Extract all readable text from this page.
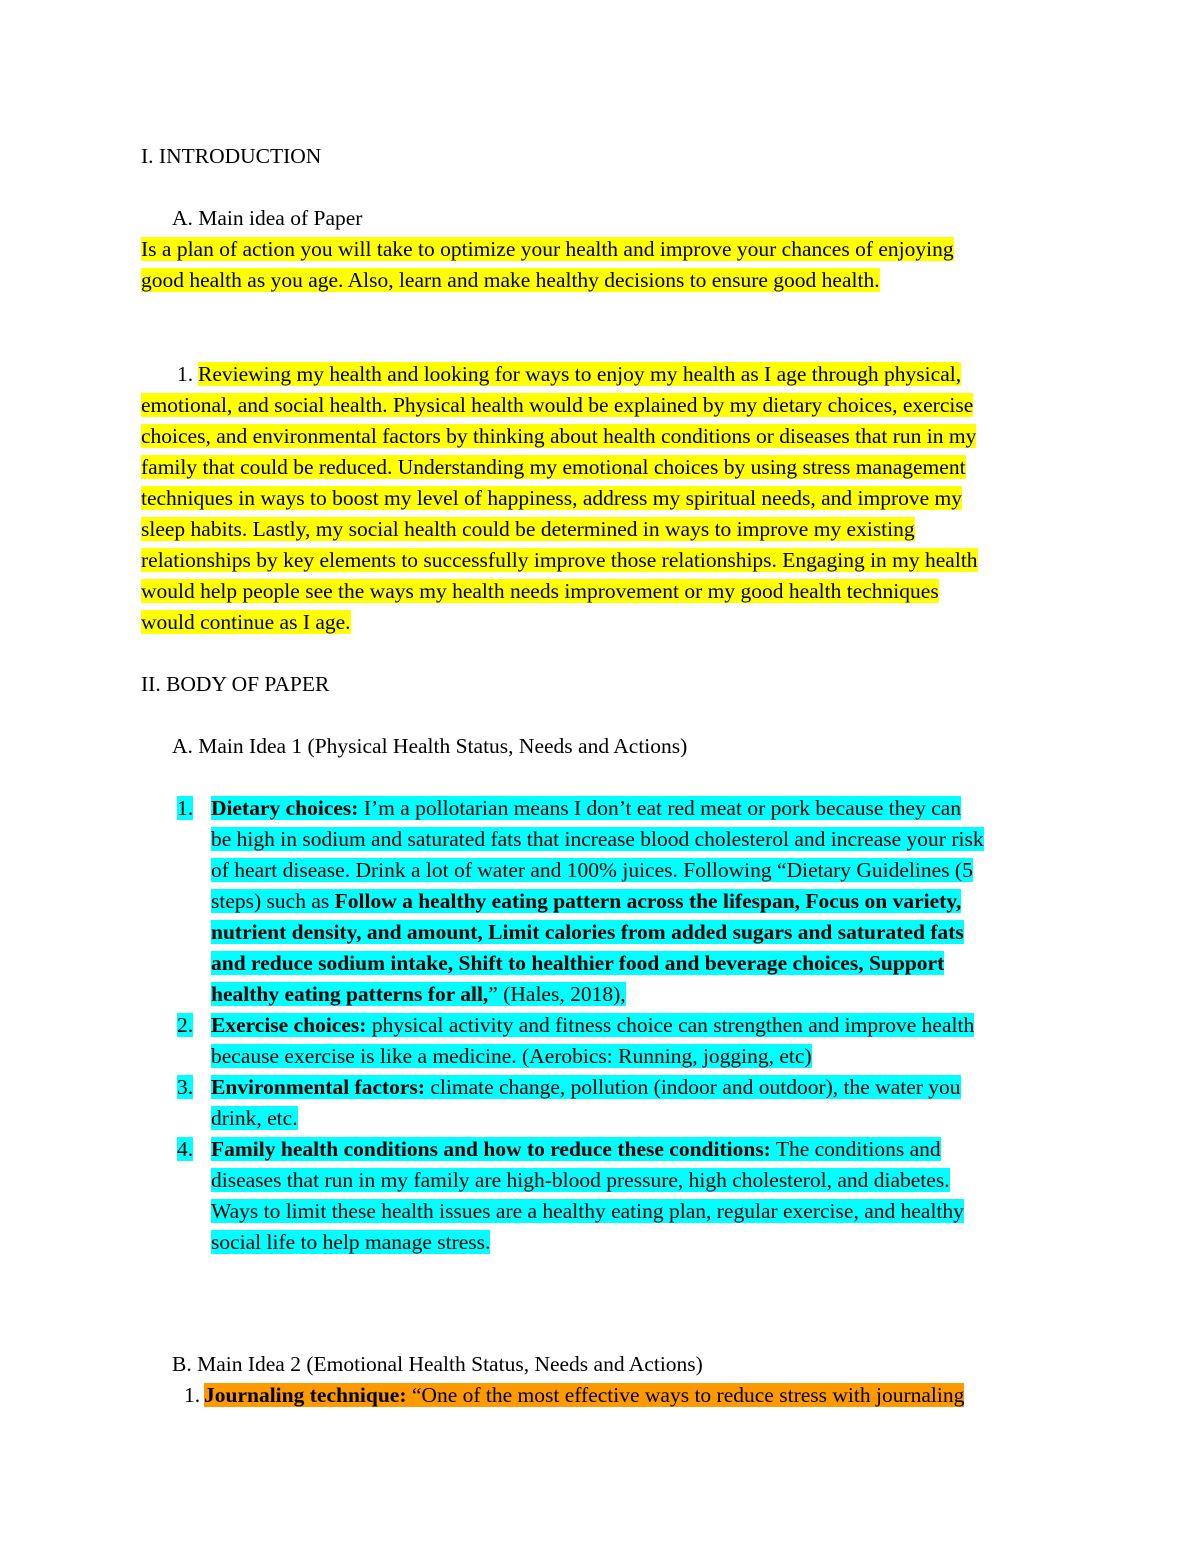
I. INTRODUCTION
A. Main idea of Paper
Is a plan of action you will take to optimize your health and improve your chances of enjoying
good health as you age. Also, learn and make healthy decisions to ensure good health.
1. Reviewing my health and looking for ways to enjoy my health as I age through physical,
emotional, and social health. Physical health would be explained by my dietary choices, exercise
choices, and environmental factors by thinking about health conditions or diseases that run in my
family that could be reduced. Understanding my emotional choices by using stress management
techniques in ways to boost my level of happiness, address my spiritual needs, and improve my
sleep habits. Lastly, my social health could be determined in ways to improve my existing
relationships by key elements to successfully improve those relationships. Engaging in my health
would help people see the ways my health needs improvement or my good health techniques
would continue as I age.
II. BODY OF PAPER
A. Main Idea 1 (Physical Health Status, Needs and Actions)
1. Dietary choices: I’m a pollotarian means I don’t eat red meat or pork because they can
be high in sodium and saturated fats that increase blood cholesterol and increase your risk
of heart disease. Drink a lot of water and 100% juices. Following “Dietary Guidelines (5
steps) such as Follow a healthy eating pattern across the lifespan, Focus on variety,
nutrient density, and amount, Limit calories from added sugars and saturated fats
and reduce sodium intake, Shift to healthier food and beverage choices, Support
healthy eating patterns for all,” (Hales, 2018),
2. Exercise choices: physical activity and fitness choice can strengthen and improve health
because exercise is like a medicine. (Aerobics: Running, jogging, etc)
3. Environmental factors: climate change, pollution (indoor and outdoor), the water you
drink, etc.
4. Family health conditions and how to reduce these conditions: The conditions and
diseases that run in my family are high-blood pressure, high cholesterol, and diabetes.
Ways to limit these health issues are a healthy eating plan, regular exercise, and healthy
social life to help manage stress.
B. Main Idea 2 (Emotional Health Status, Needs and Actions)
1. Journaling technique: “One of the most effective ways to reduce stress with journaling
